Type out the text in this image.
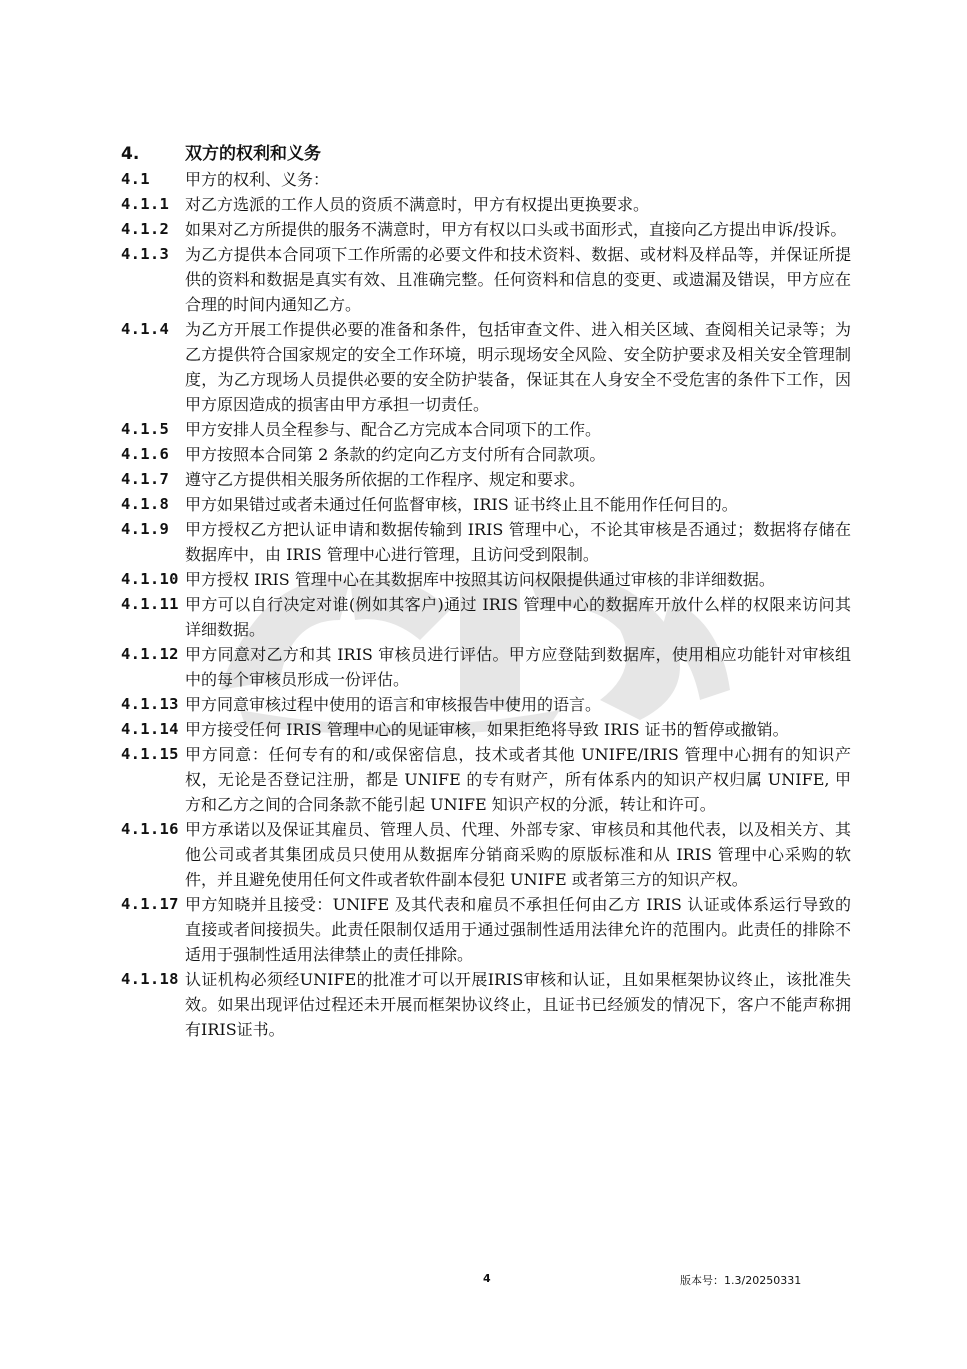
4.	双方的权利和义务
4.1	甲方的权利、义务：
4.1.1 对乙方选派的工作人员的资质不满意时，甲方有权提出更换要求。
4.1.2 如果对乙方所提供的服务不满意时，甲方有权以口头或书面形式，直接向乙方提出申诉/投诉。
4.1.3 为乙方提供本合同项下工作所需的必要文件和技术资料、数据、或材料及样品等，并保证所提供的资料和数据是真实有效、且准确完整。任何资料和信息的变更、或遗漏及错误，甲方应在合理的时间内通知乙方。
4.1.4 为乙方开展工作提供必要的准备和条件，包括审查文件、进入相关区域、查阅相关记录等；为乙方提供符合国家规定的安全工作环境，明示现场安全风险、安全防护要求及相关安全管理制度，为乙方现场人员提供必要的安全防护装备，保证其在人身安全不受危害的条件下工作，因甲方原因造成的损害由甲方承担一切责任。
4.1.5 甲方安排人员全程参与、配合乙方完成本合同项下的工作。
4.1.6 甲方按照本合同第 2 条款的约定向乙方支付所有合同款项。
4.1.7 遵守乙方提供相关服务所依据的工作程序、规定和要求。
4.1.8 甲方如果错过或者未通过任何监督审核，IRIS 证书终止且不能用作任何目的。
4.1.9 甲方授权乙方把认证申请和数据传输到 IRIS 管理中心，不论其审核是否通过；数据将存储在数据库中，由 IRIS 管理中心进行管理，且访问受到限制。
4.1.10 甲方授权 IRIS 管理中心在其数据库中按照其访问权限提供通过审核的非详细数据。
4.1.11 甲方可以自行决定对谁(例如其客户)通过 IRIS 管理中心的数据库开放什么样的权限来访问其详细数据。
4.1.12 甲方同意对乙方和其 IRIS 审核员进行评估。甲方应登陆到数据库，使用相应功能针对审核组中的每个审核员形成一份评估。
4.1.13 甲方同意审核过程中使用的语言和审核报告中使用的语言。
4.1.14 甲方接受任何 IRIS 管理中心的见证审核，如果拒绝将导致 IRIS 证书的暂停或撤销。
4.1.15 甲方同意：任何专有的和/或保密信息，技术或者其他 UNIFE/IRIS 管理中心拥有的知识产权，无论是否登记注册，都是 UNIFE 的专有财产，所有体系内的知识产权归属 UNIFE, 甲方和乙方之间的合同条款不能引起 UNIFE 知识产权的分派，转让和许可。
4.1.16 甲方承诺以及保证其雇员、管理人员、代理、外部专家、审核员和其他代表，以及相关方、其他公司或者其集团成员只使用从数据库分销商采购的原版标准和从 IRIS 管理中心采购的软件，并且避免使用任何文件或者软件副本侵犯 UNIFE 或者第三方的知识产权。
4.1.17 甲方知晓并且接受：UNIFE 及其代表和雇员不承担任何由乙方 IRIS 认证或体系运行导致的直接或者间接损失。此责任限制仅适用于通过强制性适用法律允许的范围内。此责任的排除不适用于强制性适用法律禁止的责任排除。
4.1.18 认证机构必须经UNIFE的批准才可以开展IRIS审核和认证，且如果框架协议终止，该批准失效。如果出现评估过程还未开展而框架协议终止，且证书已经颁发的情况下，客户不能声称拥有IRIS证书。
4	版本号：1.3/20250331
